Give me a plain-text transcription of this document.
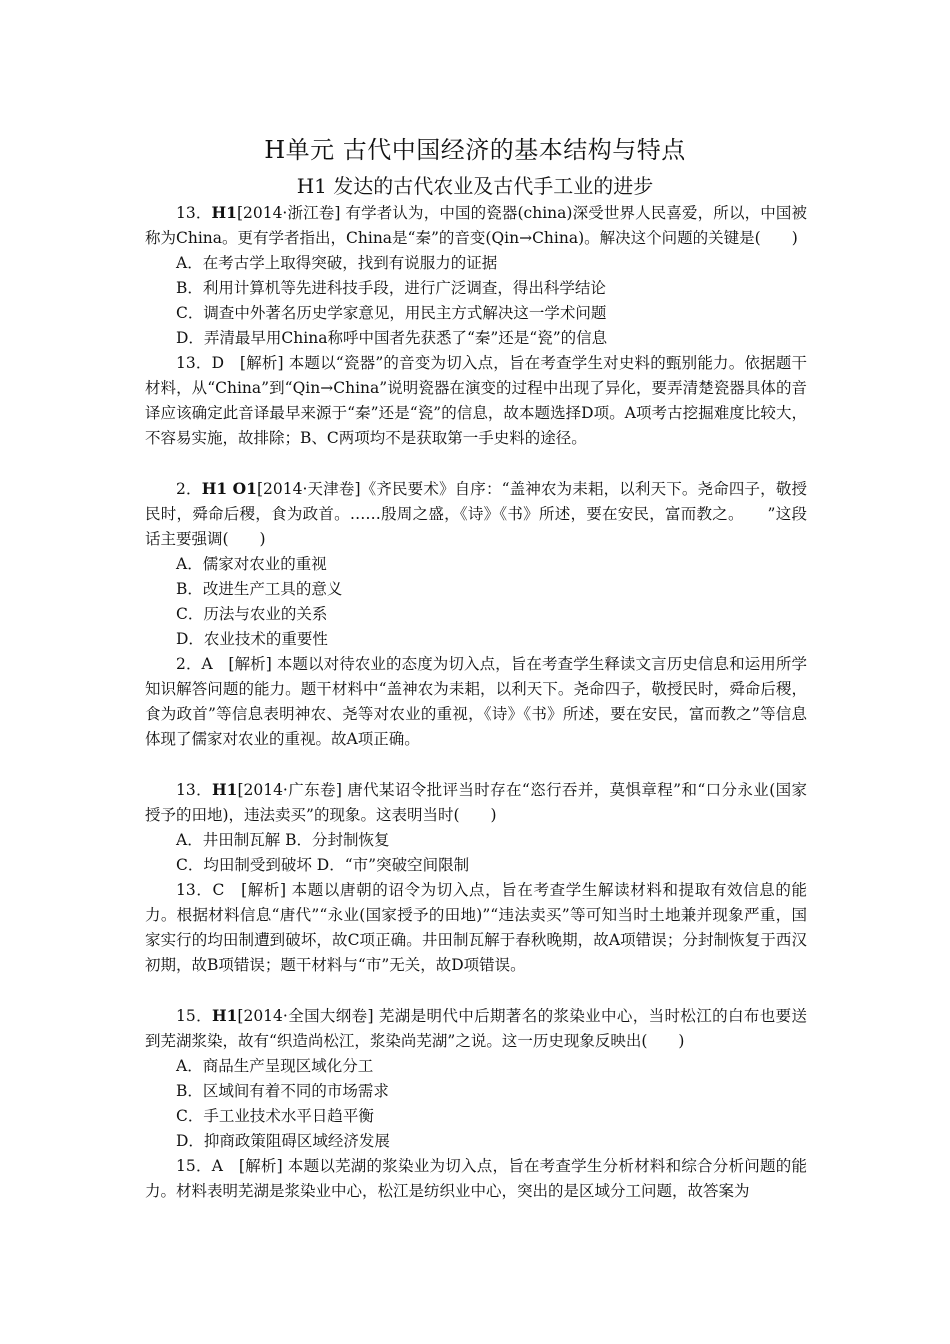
H单元 古代中国经济的基本结构与特点
H1 发达的古代农业及古代手工业的进步

13．H1[2014·浙江卷] 有学者认为，中国的瓷器(china)深受世界人民喜爱，所以，中国被称为China。更有学者指出，China是“秦”的音变(Qin→China)。解决这个问题的关键是(　　)

A．在考古学上取得突破，找到有说服力的证据

B．利用计算机等先进科技手段，进行广泛调查，得出科学结论

C．调查中外著名历史学家意见，用民主方式解决这一学术问题

D．弄清最早用China称呼中国者先获悉了“秦”还是“瓷”的信息

13．D　[解析] 本题以“瓷器”的音变为切入点，旨在考查学生对史料的甄别能力。依据题干材料，从“China”到“Qin→China”说明瓷器在演变的过程中出现了异化，要弄清楚瓷器具体的音译应该确定此音译最早来源于“秦”还是“瓷”的信息，故本题选择D项。A项考古挖掘难度比较大，不容易实施，故排除；B、C两项均不是获取第一手史料的途径。

2．H1 O1[2014·天津卷]《齐民要术》自序：“盖神农为耒耜，以利天下。尧命四子，敬授民时，舜命后稷，食为政首。……殷周之盛，《诗》《书》所述，要在安民，富而教之。　　”这段话主要强调(　　)

A．儒家对农业的重视

B．改进生产工具的意义

C．历法与农业的关系

D．农业技术的重要性

2．A　[解析] 本题以对待农业的态度为切入点，旨在考查学生释读文言历史信息和运用所学知识解答问题的能力。题干材料中“盖神农为耒耜，以利天下。尧命四子，敬授民时，舜命后稷，食为政首”等信息表明神农、尧等对农业的重视，《诗》《书》所述，要在安民，富而教之”等信息体现了儒家对农业的重视。故A项正确。

13．H1[2014·广东卷] 唐代某诏令批评当时存在“恣行吞并，莫惧章程”和“口分永业(国家授予的田地)，违法卖买”的现象。这表明当时(　　)

A．井田制瓦解 B．分封制恢复

C．均田制受到破坏 D．“市”突破空间限制

13．C　[解析] 本题以唐朝的诏令为切入点，旨在考查学生解读材料和提取有效信息的能力。根据材料信息“唐代”“永业(国家授予的田地)”“违法卖买”等可知当时土地兼并现象严重，国家实行的均田制遭到破坏，故C项正确。井田制瓦解于春秋晚期，故A项错误；分封制恢复于西汉初期，故B项错误；题干材料与“市”无关，故D项错误。

15．H1[2014·全国大纲卷] 芜湖是明代中后期著名的浆染业中心，当时松江的白布也要送到芜湖浆染，故有“织造尚松江，浆染尚芜湖”之说。这一历史现象反映出(　　)

A．商品生产呈现区域化分工

B．区域间有着不同的市场需求

C．手工业技术水平日趋平衡

D．抑商政策阻碍区域经济发展

15．A　[解析] 本题以芜湖的浆染业为切入点，旨在考查学生分析材料和综合分析问题的能力。材料表明芜湖是浆染业中心，松江是纺织业中心，突出的是区域分工问题，故答案为
